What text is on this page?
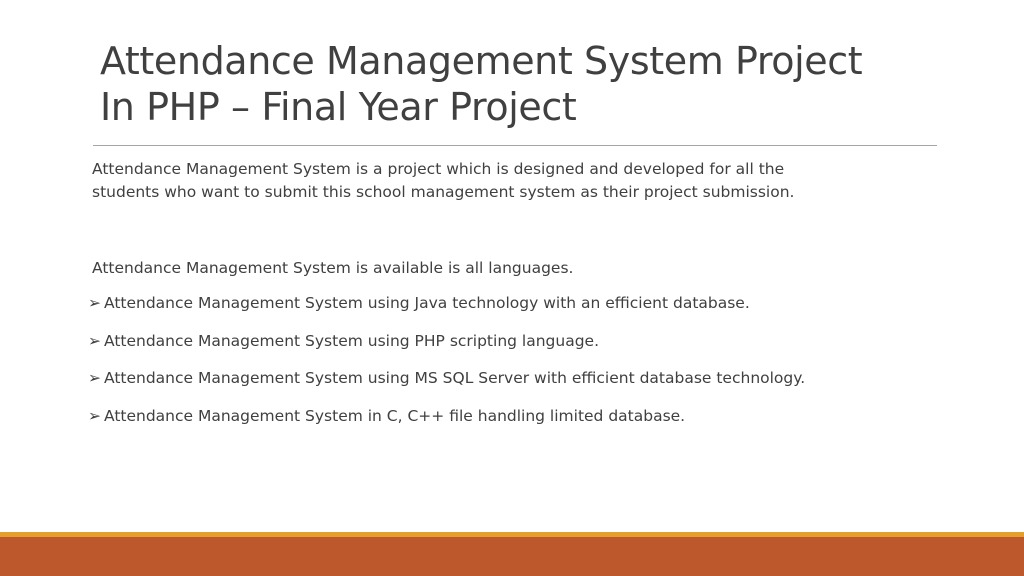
Attendance Management System Project
In PHP – Final Year Project

Attendance Management System is a project which is designed and developed for all the
students who want to submit this school management system as their project submission.

Attendance Management System is available is all languages.

➢ Attendance Management System using Java technology with an efficient database.
➢ Attendance Management System using PHP scripting language.
➢ Attendance Management System using MS SQL Server with efficient database technology.
➢ Attendance Management System in C, C++ file handling limited database.
